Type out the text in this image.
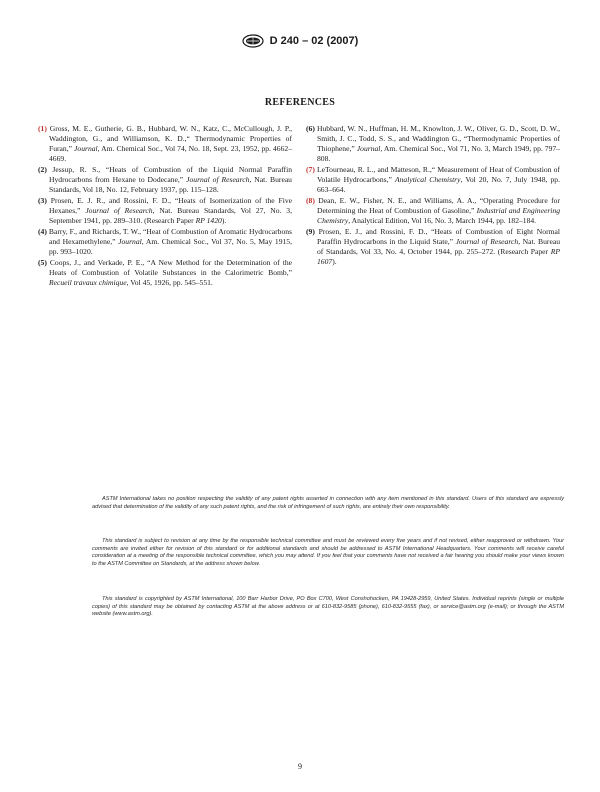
D 240 – 02 (2007)
REFERENCES

(1) Gross, M. E., Gutherie, G. B., Hubbard, W. N., Katz, C., McCullough, J. P., Waddington, G., and Williamson, K. D.,“ Thermodynamic Properties of Furan,” Journal, Am. Chemical Soc., Vol 74, No. 18, Sept. 23, 1952, pp. 4662–4669.

(2) Jessup, R. S., “Heats of Combustion of the Liquid Normal Paraffin Hydrocarbons from Hexane to Dodecane,” Journal of Research, Nat. Bureau Standards, Vol 18, No. 12, February 1937, pp. 115–128.

(3) Prosen, E. J. R., and Rossini, F. D., “Heats of Isomerization of the Five Hexanes,” Journal of Research, Nat. Bureau Standards, Vol 27, No. 3, September 1941, pp. 289–310. (Research Paper RP 1420).

(4) Barry, F., and Richards, T. W., “Heat of Combustion of Aromatic Hydrocarbons and Hexamethylene,” Journal, Am. Chemical Soc., Vol 37, No. 5, May 1915, pp. 993–1020.

(5) Coops, J., and Verkade, P. E., “A New Method for the Determination of the Heats of Combustion of Volatile Substances in the Calorimetric Bomb,” Recueil travaux chimique, Vol 45, 1926, pp. 545–551.

(6) Hubbard, W. N., Huffman, H. M., Knowlton, J. W., Oliver, G. D., Scott, D. W., Smith, J. C., Todd, S. S., and Waddington G., “Thermodynamic Properties of Thiophene,” Journal, Am. Chemical Soc., Vol 71, No. 3, March 1949, pp. 797–808.

(7) LeTourneau, R. L., and Matteson, R.,“ Measurement of Heat of Combustion of Volatile Hydrocarbons,” Analytical Chemistry, Vol 20, No. 7, July 1948, pp. 663–664.

(8) Dean, E. W., Fisher, N. E., and Williams, A. A., “Operating Procedure for Determining the Heat of Combustion of Gasoline,” Industrial and Engineering Chemistry, Analytical Edition, Vol 16, No. 3, March 1944, pp. 182–184.

(9) Prosen, E. J., and Rossini, F. D., “Heats of Combustion of Eight Normal Paraffin Hydrocarbons in the Liquid State,” Journal of Research, Nat. Bureau of Standards, Vol 33, No. 4, October 1944, pp. 255–272. (Research Paper RP 1607).

ASTM International takes no position respecting the validity of any patent rights asserted in connection with any item mentioned in this standard. Users of this standard are expressly advised that determination of the validity of any such patent rights, and the risk of infringement of such rights, are entirely their own responsibility.
This standard is subject to revision at any time by the responsible technical committee and must be reviewed every five years and if not revised, either reapproved or withdrawn. Your comments are invited either for revision of this standard or for additional standards and should be addressed to ASTM International Headquarters. Your comments will receive careful consideration at a meeting of the responsible technical committee, which you may attend. If you feel that your comments have not received a fair hearing you should make your views known to the ASTM Committee on Standards, at the address shown below.
This standard is copyrighted by ASTM International, 100 Barr Harbor Drive, PO Box C700, West Conshohocken, PA 19428-2959, United States. Individual reprints (single or multiple copies) of this standard may be obtained by contacting ASTM at the above address or at 610-832-9585 (phone), 610-832-9555 (fax), or service@astm.org (e-mail); or through the ASTM website (www.astm.org).
9
